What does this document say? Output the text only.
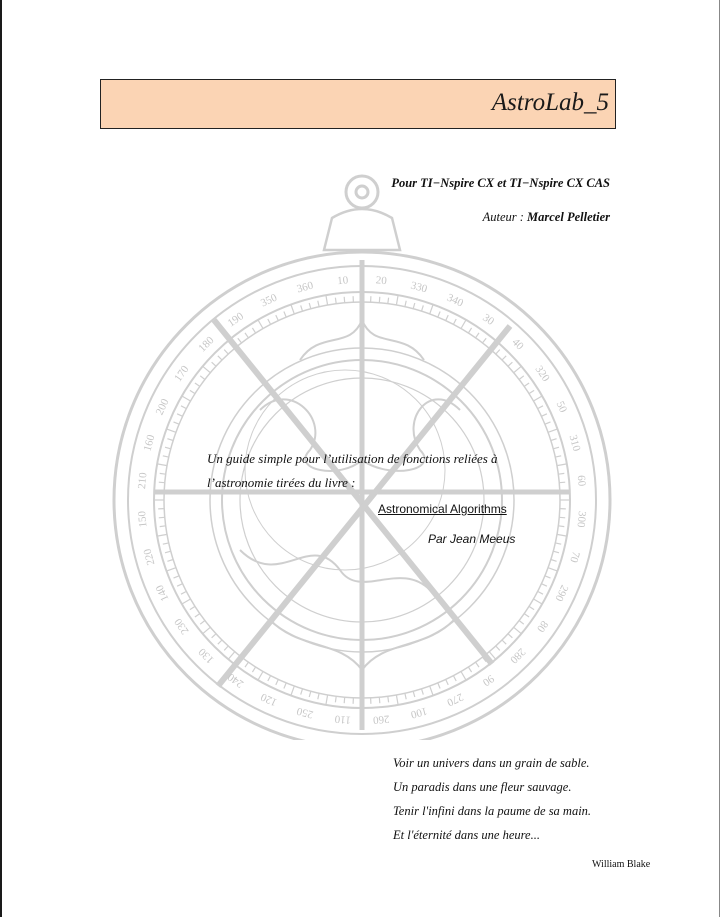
350
360 10 20 330
340
30
40
320
50
310
60
300
70
290
80
280
90
270
100
260
110
250
120
240
130
230
140
220
150
210
160
200
170
180
190
AstroLab_5
Pour TI−Nspire CX et TI−Nspire CX CAS
Auteur : Marcel Pelletier
Un guide simple pour l’utilisation de fonctions reliées à
l’astronomie tirées du livre :
Astronomical Algorithms
Par Jean Meeus
Voir un univers dans un grain de sable.
Un paradis dans une fleur sauvage.
Tenir l'infini dans la paume de sa main.
Et l'éternité dans une heure...
William Blake
